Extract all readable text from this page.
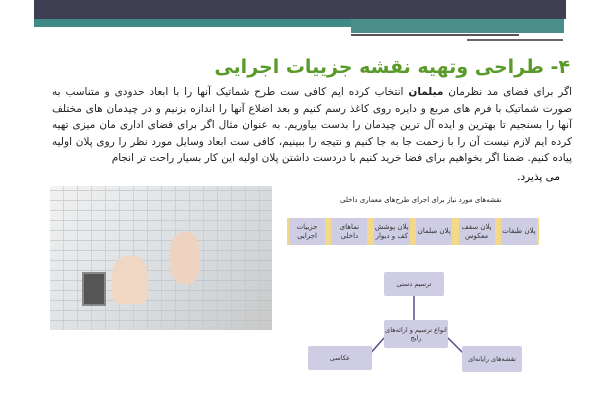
۴- طراحی وتهیه نقشه جزییات اجرایی
اگر برای فضای مد نظرمان مبلمان انتخاب کرده ایم کافی ست طرح شماتیک آنها را با ابعاد حدودی و متناسب به صورت شماتیک با فرم های مربع و دایره روی کاغذ رسم کنیم و بعد اضلاع آنها را اندازه بزنیم و در چیدمان های مختلف آنها را بسنجیم تا بهترین و ایده آل ترین چیدمان را بدست بیاوریم. به عنوان مثال اگر برای فضای اداری مان میزی تهیه کرده ایم لازم نیست آن را با زحمت جا به جا کنیم و نتیجه را ببینیم، کافی ست ابعاد وسایل مورد نظر را روی پلان اولیه پیاده کنیم. ضمنا اگر بخواهیم برای فضا خرید کنیم با دردست داشتن پلان اولیه این کار بسیار راحت تر انجام
می پذیرد.
نقشه‌های مورد نیاز برای اجرای طرح‌های معماری داخلی
پلان طبقات
پلان سقف معکوس
پلان مبلمان
پلان پوشش کف و دیوار
نماهای داخلی
جزییات اجرایی
ترسیم دستی
انواع ترسیم و ارائه‌های رایج
عکاسی	نقشه‌های رایانه‌ای
